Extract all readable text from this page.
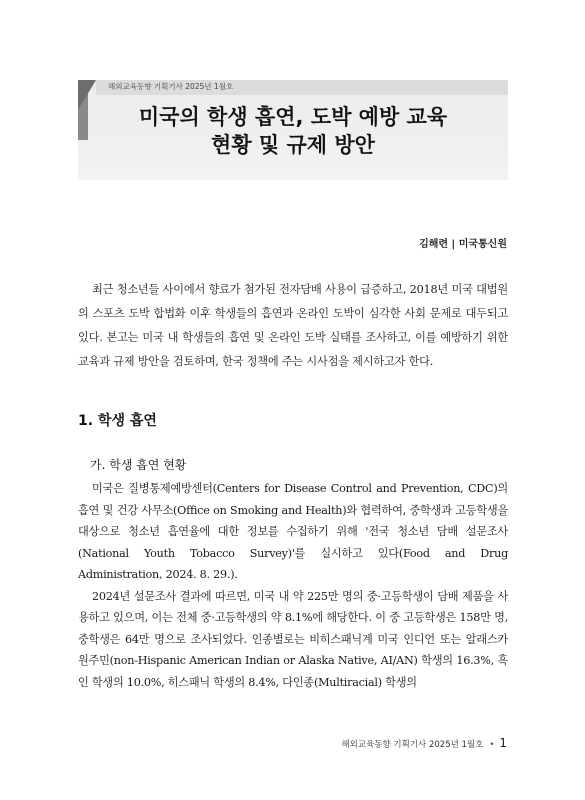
해외교육동향 기획기사 2025년 1월호
미국의 학생 흡연, 도박 예방 교육
현황 및 규제 방안
김해련 | 미국통신원

최근 청소년들 사이에서 향료가 첨가된 전자담배 사용이 급증하고, 2018년 미국 대법원의 스포츠 도박 합법화 이후 학생들의 흡연과 온라인 도박이 심각한 사회 문제로 대두되고 있다. 본고는 미국 내 학생들의 흡연 및 온라인 도박 실태를 조사하고, 이를 예방하기 위한 교육과 규제 방안을 검토하며, 한국 정책에 주는 시사점을 제시하고자 한다.

1. 학생 흡연
가. 학생 흡연 현황

미국은 질병통제예방센터(Centers for Disease Control and Prevention, CDC)의 흡연 및 건강 사무소(Office on Smoking and Health)와 협력하여, 중학생과 고등학생을 대상으로 청소년 흡연율에 대한 정보를 수집하기 위해 '전국 청소년 담배 설문조사(National Youth Tobacco Survey)'를 실시하고 있다(Food and Drug Administration, 2024. 8. 29.).

2024년 설문조사 결과에 따르면, 미국 내 약 225만 명의 중·고등학생이 담배 제품을 사용하고 있으며, 이는 전체 중·고등학생의 약 8.1%에 해당한다. 이 중 고등학생은 158만 명, 중학생은 64만 명으로 조사되었다. 인종별로는 비히스패닉계 미국 인디언 또는 알래스카 원주민(non-Hispanic American Indian or Alaska Native, AI/AN) 학생의 16.3%, 흑인 학생의 10.0%, 히스패닉 학생의 8.4%, 다인종(Multiracial) 학생의

해외교육동향 기획기사 2025년 1월호 • 1
